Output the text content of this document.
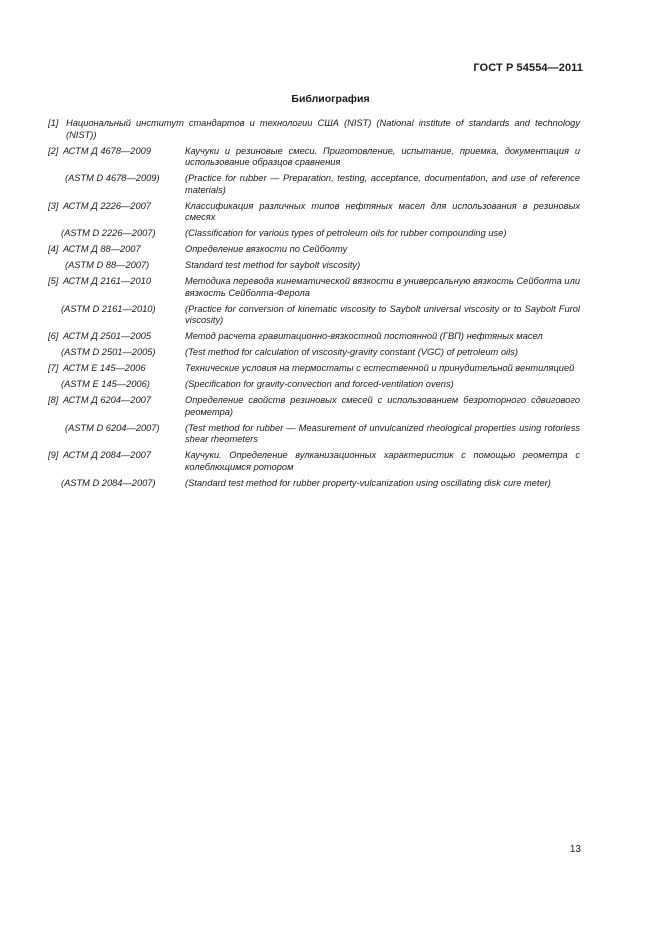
ГОСТ Р 54554—2011
Библиография
[1] Национальный институт стандартов и технологии США (NIST) (National institute of standards and technology (NIST))
[2] АСТМ Д 4678—2009	Каучуки и резиновые смеси. Приготовление, испытание, приемка, документация и использование образцов сравнения
(ASTM D 4678—2009)	(Practice for rubber — Preparation, testing, acceptance, documentation, and use of reference materials)
[3] АСТМ Д 2226—2007	Классификация различных типов нефтяных масел для использования в резиновых смесях
(ASTM D 2226—2007)	(Classification for various types of petroleum oils for rubber compounding use)
[4] АСТМ Д 88—2007	Определение вязкости по Сейболту
(ASTM D 88—2007)	Standard test method for saybolt viscosity)
[5] АСТМ Д 2161—2010	Методика перевода кинематической вязкости в универсальную вязкость Сейболта или вязкость Сейболта-Ферола
(ASTM D 2161—2010)	(Practice for conversion of kinematic viscosity to Saybolt universal viscosity or to Saybolt Furol viscosity)
[6] АСТМ Д 2501—2005	Метод расчета гравитационно-вязкостной постоянной (ГВП) нефтяных масел
(ASTM D 2501—2005)	(Test method for calculation of viscosity-gravity constant (VGC) of petroleum oils)
[7] АСТМ Е 145—2006	Технические условия на термостаты с естественной и принудительной вентиляцией
(ASTM E 145—2006)	(Specification for gravity-convection and forced-ventilation ovens)
[8] АСТМ Д 6204—2007	Определение свойств резиновых смесей с использованием безроторного сдвигового реометра)
(ASTM D 6204—2007)	(Test method for rubber — Measurement of unvulcanized rheological properties using rotorless shear rheometers
[9] АСТМ Д 2084—2007	Каучуки. Определение вулканизационных характеристик с помощью реометра с колеблющимся ротором
(ASTM D 2084—2007)	(Standard test method for rubber property-vulcanization using oscillating disk cure meter)
13
